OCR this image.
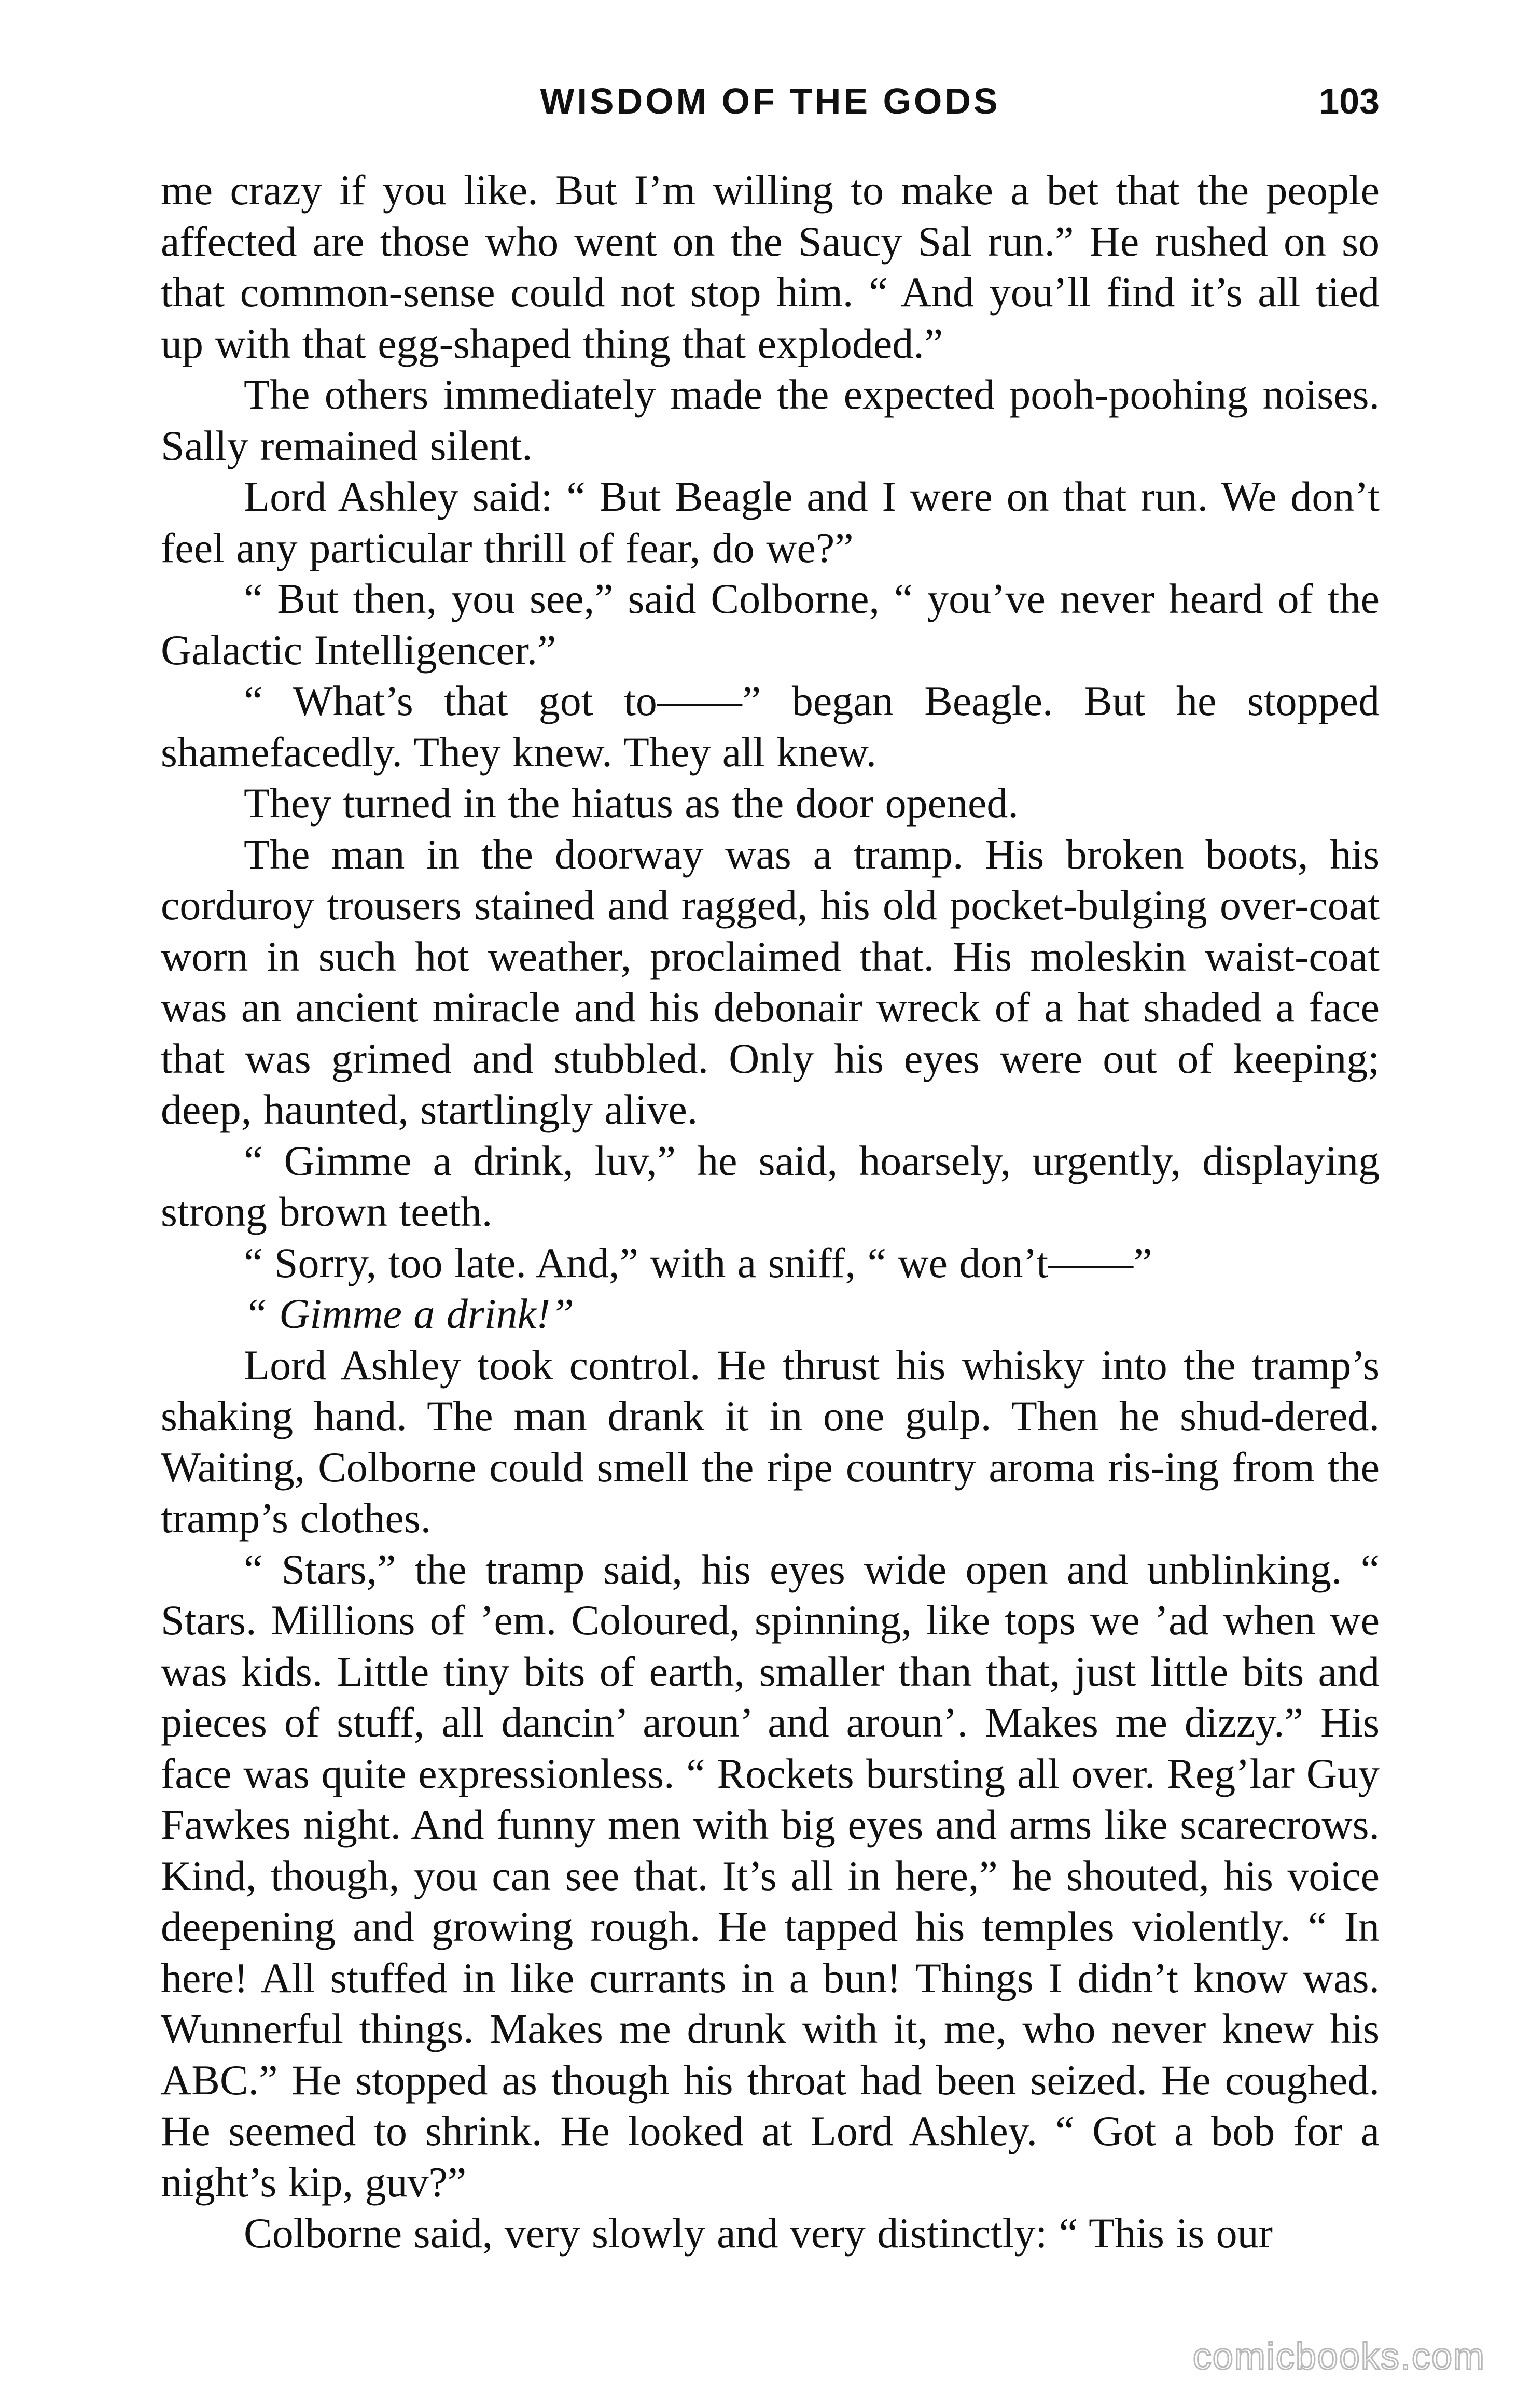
WISDOM OF THE GODS	103

me crazy if you like. But I’m willing to make a bet that the people affected are those who went on the Saucy Sal run.” He rushed on so that common-sense could not stop him. “ And you’ll find it’s all tied up with that egg-shaped thing that exploded.”

The others immediately made the expected pooh-poohing noises. Sally remained silent.

Lord Ashley said: “ But Beagle and I were on that run. We don’t feel any particular thrill of fear, do we?”

“ But then, you see,” said Colborne, “ you’ve never heard of the Galactic Intelligencer.”

“ What’s that got to——” began Beagle. But he stopped shamefacedly. They knew. They all knew.

They turned in the hiatus as the door opened.

The man in the doorway was a tramp. His broken boots, his corduroy trousers stained and ragged, his old pocket-bulging over-coat worn in such hot weather, proclaimed that. His moleskin waist-coat was an ancient miracle and his debonair wreck of a hat shaded a face that was grimed and stubbled. Only his eyes were out of keeping; deep, haunted, startlingly alive.

“ Gimme a drink, luv,” he said, hoarsely, urgently, displaying strong brown teeth.

“ Sorry, too late. And,” with a sniff, “ we don’t——”

“ Gimme a drink!”

Lord Ashley took control. He thrust his whisky into the tramp’s shaking hand. The man drank it in one gulp. Then he shud-dered. Waiting, Colborne could smell the ripe country aroma ris-ing from the tramp’s clothes.

“ Stars,” the tramp said, his eyes wide open and unblinking. “ Stars. Millions of ’em. Coloured, spinning, like tops we ’ad when we was kids. Little tiny bits of earth, smaller than that, just little bits and pieces of stuff, all dancin’ aroun’ and aroun’. Makes me dizzy.” His face was quite expressionless. “ Rockets bursting all over. Reg’lar Guy Fawkes night. And funny men with big eyes and arms like scarecrows. Kind, though, you can see that. It’s all in here,” he shouted, his voice deepening and growing rough. He tapped his temples violently. “ In here! All stuffed in like currants in a bun! Things I didn’t know was. Wunnerful things. Makes me drunk with it, me, who never knew his ABC.” He stopped as though his throat had been seized. He coughed. He seemed to shrink. He looked at Lord Ashley. “ Got a bob for a night’s kip, guv?”

Colborne said, very slowly and very distinctly: “ This is our

comicbooks.com
